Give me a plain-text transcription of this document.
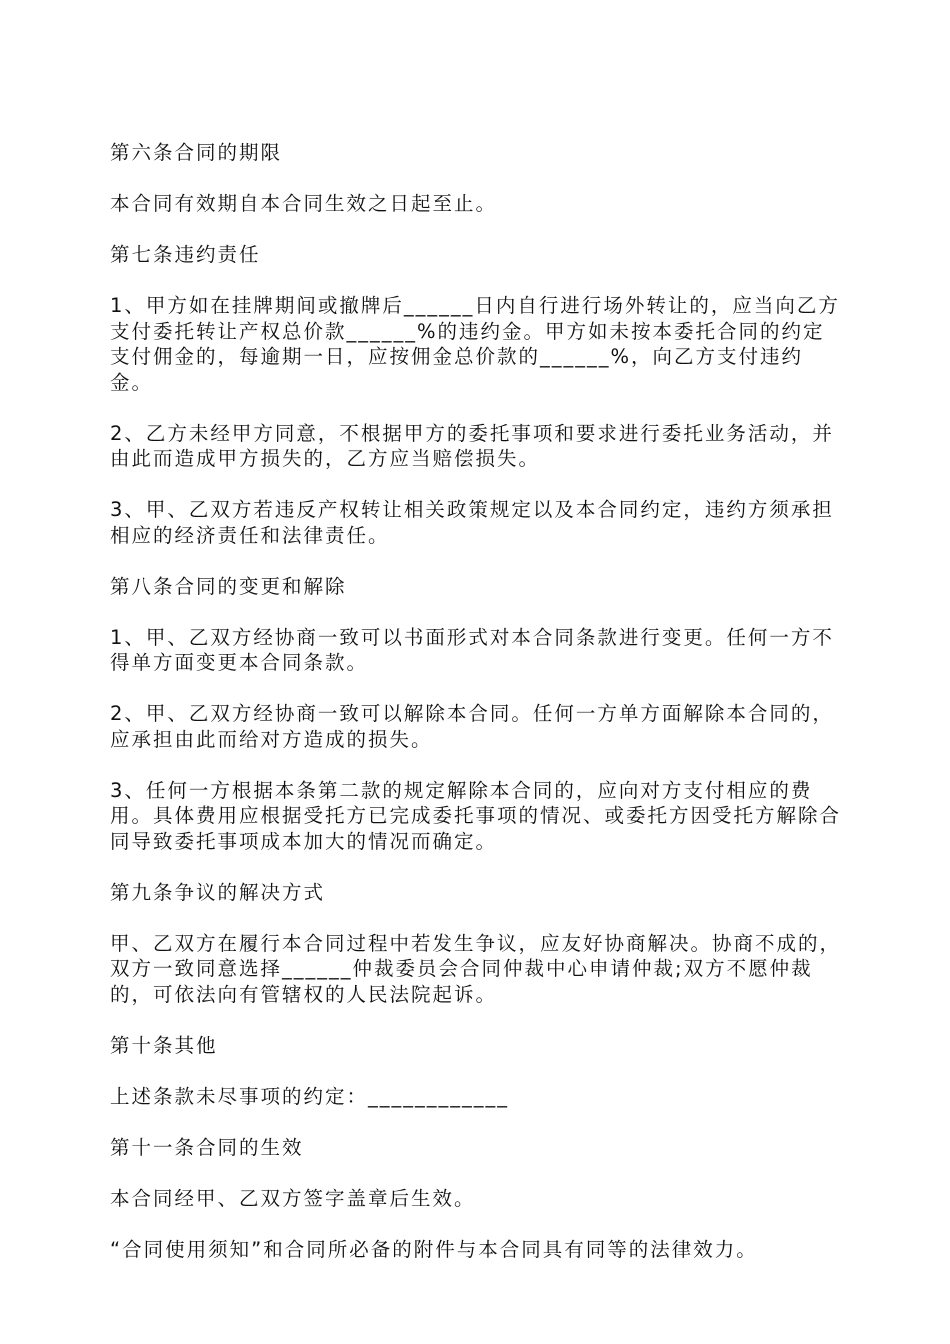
第六条合同的期限

本合同有效期自本合同生效之日起至止。

第七条违约责任

1、甲方如在挂牌期间或撤牌后______日内自行进行场外转让的，应当向乙方支付委托转让产权总价款______%的违约金。甲方如未按本委托合同的约定支付佣金的，每逾期一日，应按佣金总价款的______%，向乙方支付违约金。

2、乙方未经甲方同意，不根据甲方的委托事项和要求进行委托业务活动，并由此而造成甲方损失的，乙方应当赔偿损失。

3、甲、乙双方若违反产权转让相关政策规定以及本合同约定，违约方须承担相应的经济责任和法律责任。

第八条合同的变更和解除

1、甲、乙双方经协商一致可以书面形式对本合同条款进行变更。任何一方不得单方面变更本合同条款。

2、甲、乙双方经协商一致可以解除本合同。任何一方单方面解除本合同的，应承担由此而给对方造成的损失。

3、任何一方根据本条第二款的规定解除本合同的，应向对方支付相应的费用。具体费用应根据受托方已完成委托事项的情况、或委托方因受托方解除合同导致委托事项成本加大的情况而确定。

第九条争议的解决方式

甲、乙双方在履行本合同过程中若发生争议，应友好协商解决。协商不成的，双方一致同意选择______仲裁委员会合同仲裁中心申请仲裁;双方不愿仲裁的，可依法向有管辖权的人民法院起诉。

第十条其他

上述条款未尽事项的约定：____________

第十一条合同的生效

本合同经甲、乙双方签字盖章后生效。

“合同使用须知”和合同所必备的附件与本合同具有同等的法律效力。
